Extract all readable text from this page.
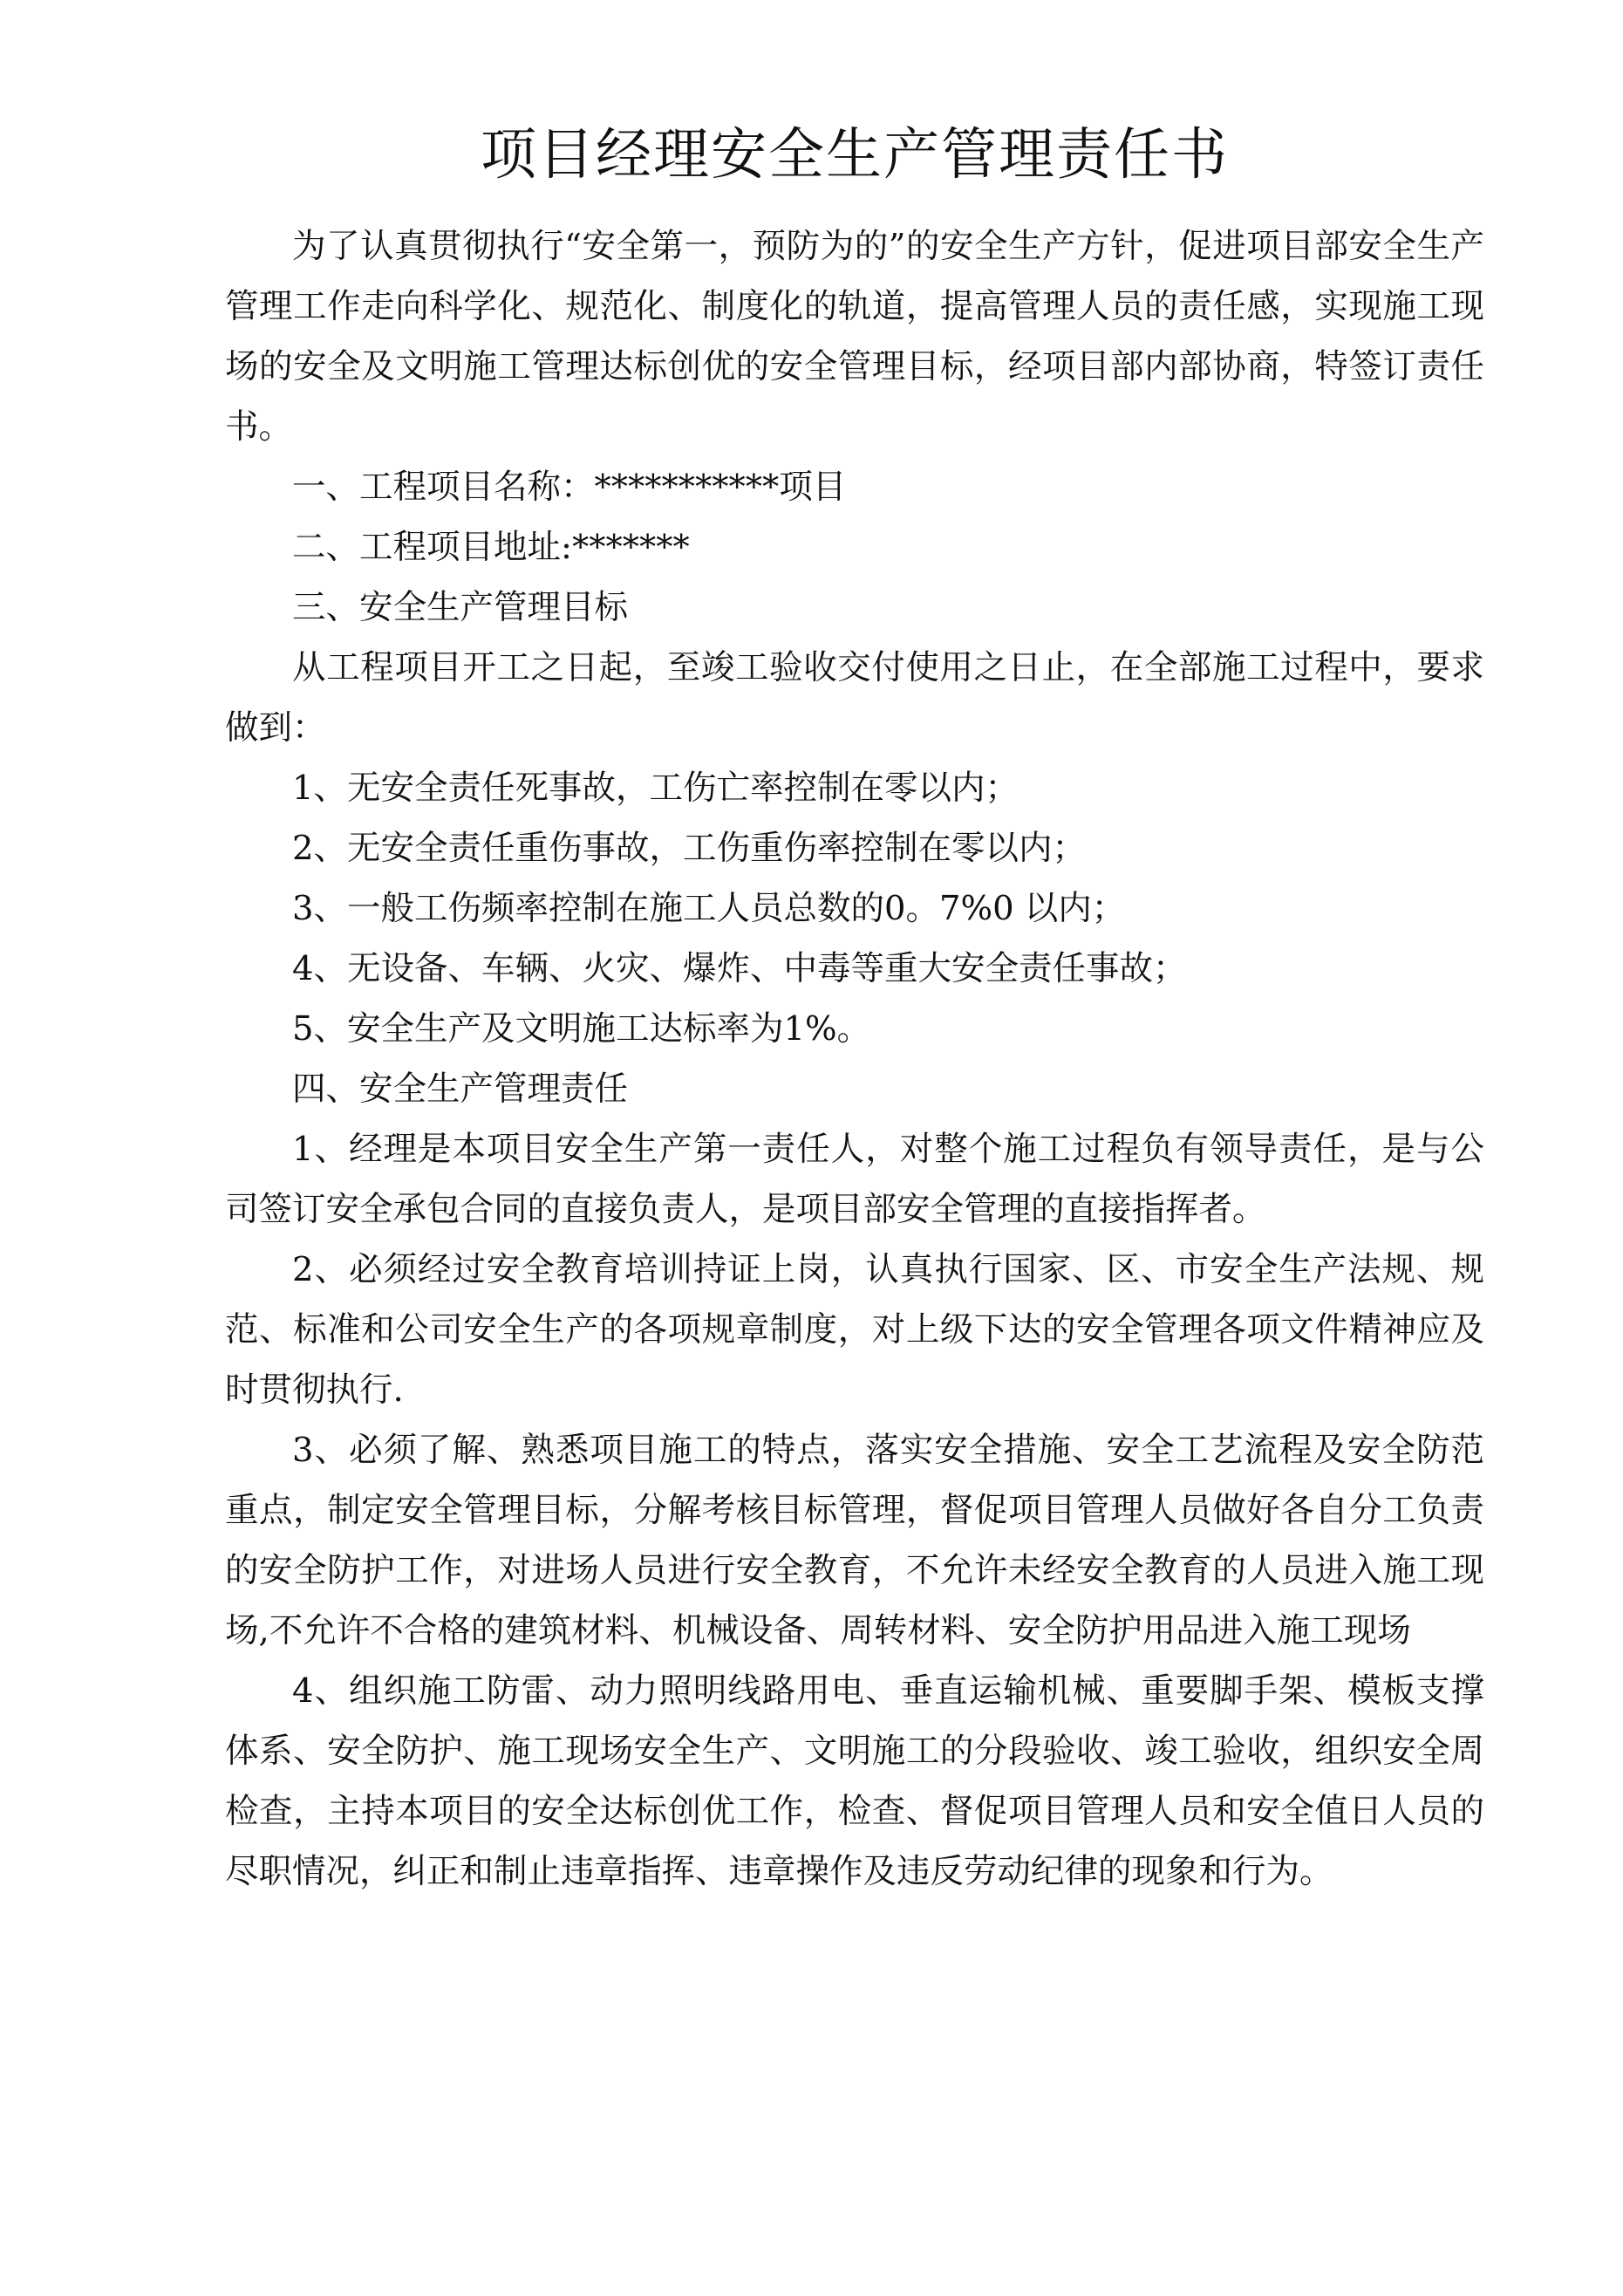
项目经理安全生产管理责任书

为了认真贯彻执行“安全第一，预防为的”的安全生产方针，促进项目部安全生产管理工作走向科学化、规范化、制度化的轨道，提高管理人员的责任感，实现施工现场的安全及文明施工管理达标创优的安全管理目标，经项目部内部协商，特签订责任书。

一、工程项目名称：***********项目

二、工程项目地址:*******

三、安全生产管理目标

从工程项目开工之日起，至竣工验收交付使用之日止，在全部施工过程中，要求做到：

1、无安全责任死事故，工伤亡率控制在零以内；

2、无安全责任重伤事故，工伤重伤率控制在零以内；

3、一般工伤频率控制在施工人员总数的0。7%0 以内；

4、无设备、车辆、火灾、爆炸、中毒等重大安全责任事故；

5、安全生产及文明施工达标率为1%。

四、安全生产管理责任

1、经理是本项目安全生产第一责任人，对整个施工过程负有领导责任，是与公司签订安全承包合同的直接负责人，是项目部安全管理的直接指挥者。

2、必须经过安全教育培训持证上岗，认真执行国家、区、市安全生产法规、规范、标准和公司安全生产的各项规章制度，对上级下达的安全管理各项文件精神应及时贯彻执行.

3、必须了解、熟悉项目施工的特点，落实安全措施、安全工艺流程及安全防范重点，制定安全管理目标，分解考核目标管理，督促项目管理人员做好各自分工负责的安全防护工作，对进场人员进行安全教育，不允许未经安全教育的人员进入施工现场,不允许不合格的建筑材料、机械设备、周转材料、安全防护用品进入施工现场

4、组织施工防雷、动力照明线路用电、垂直运输机械、重要脚手架、模板支撑体系、安全防护、施工现场安全生产、文明施工的分段验收、竣工验收，组织安全周检查，主持本项目的安全达标创优工作，检查、督促项目管理人员和安全值日人员的尽职情况，纠正和制止违章指挥、违章操作及违反劳动纪律的现象和行为。
